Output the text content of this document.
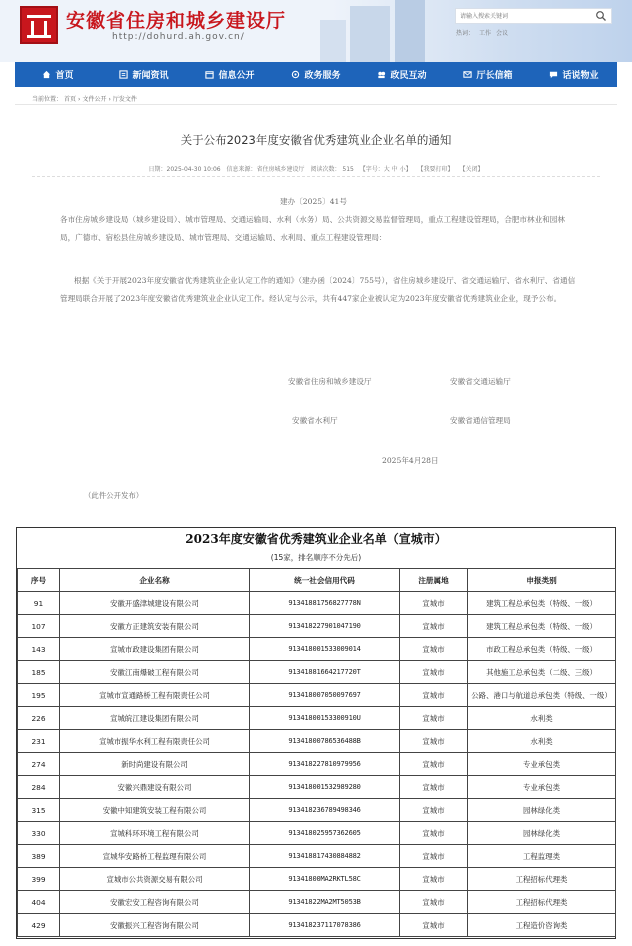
安徽省住房和城乡建设厅
http://dohurd.ah.gov.cn/
请输入搜索关键词	热词： 工作 会议
首页	新闻资讯	信息公开	政务服务	政民互动	厅长信箱	话说物业
当前位置： 首页 › 文件公开 › 厅发文件
关于公布2023年度安徽省优秀建筑业企业名单的通知
日期：2025-04-30 10:06 信息来源：省住房城乡建设厅 阅读次数： 515 【字号：大 中 小】 【我要打印】 【关闭】
建办〔2025〕41号
各市住房城乡建设局（城乡建设局）、城市管理局、交通运输局、水利（水务）局、公共资源交易监督管理局，重点工程建设管理局，合肥市林业和园林局，广德市、宿松县住房城乡建设局、城市管理局、交通运输局、水利局、重点工程建设管理局：
根据《关于开展2023年度安徽省优秀建筑业企业认定工作的通知》（建办函〔2024〕755号），省住房城乡建设厅、省交通运输厅、省水利厅、省通信管理局联合开展了2023年度安徽省优秀建筑业企业认定工作。经认定与公示，共有447家企业被认定为2023年度安徽省优秀建筑业企业，现予公布。
安徽省住房和城乡建设厅	安徽省交通运输厅
安徽省水利厅	安徽省通信管理局
2025年4月28日
（此件公开发布）
2023年度安徽省优秀建筑业企业名单（宣城市）
(15家，排名顺序不分先后)
序号	企业名称	统一社会信用代码	注册属地	申报类别
91	安徽开盛津城建设有限公司	91341881756827778N	宣城市	建筑工程总承包类（特级、一级）
107	安徽方正建筑安装有限公司	913418227901047190	宣城市	建筑工程总承包类（特级、一级）
143	宣城市政建设集团有限公司	913418001533009014	宣城市	市政工程总承包类（特级、一级）
185	安徽江南爆破工程有限公司	91341881664217720T	宣城市	其他施工总承包类（二级、三级）
195	宣城市宣通路桥工程有限责任公司	913418007050097697	宣城市	公路、港口与航道总承包类（特级、一级）
226	宣城皖江建设集团有限公司	91341800153300910U	宣城市	水利类
231	宣城市振华水利工程有限责任公司	91341800786536488B	宣城市	水利类
274	新时尚建设有限公司	913418227810979956	宣城市	专业承包类
284	安徽兴鼎建设有限公司	913418001532989280	宣城市	专业承包类
315	安徽中知建筑安装工程有限公司	913418236789498346	宣城市	园林绿化类
330	宣城科环环境工程有限公司	913418025957362605	宣城市	园林绿化类
389	宣城华安路桥工程监理有限公司	913418817430884882	宣城市	工程监理类
399	宣城市公共资源交易有限公司	91341800MA2RKTL58C	宣城市	工程招标代理类
404	安徽宏安工程咨询有限公司	91341822MA2MT5053B	宣城市	工程招标代理类
429	安徽振兴工程咨询有限公司	913418237117078386	宣城市	工程造价咨询类
